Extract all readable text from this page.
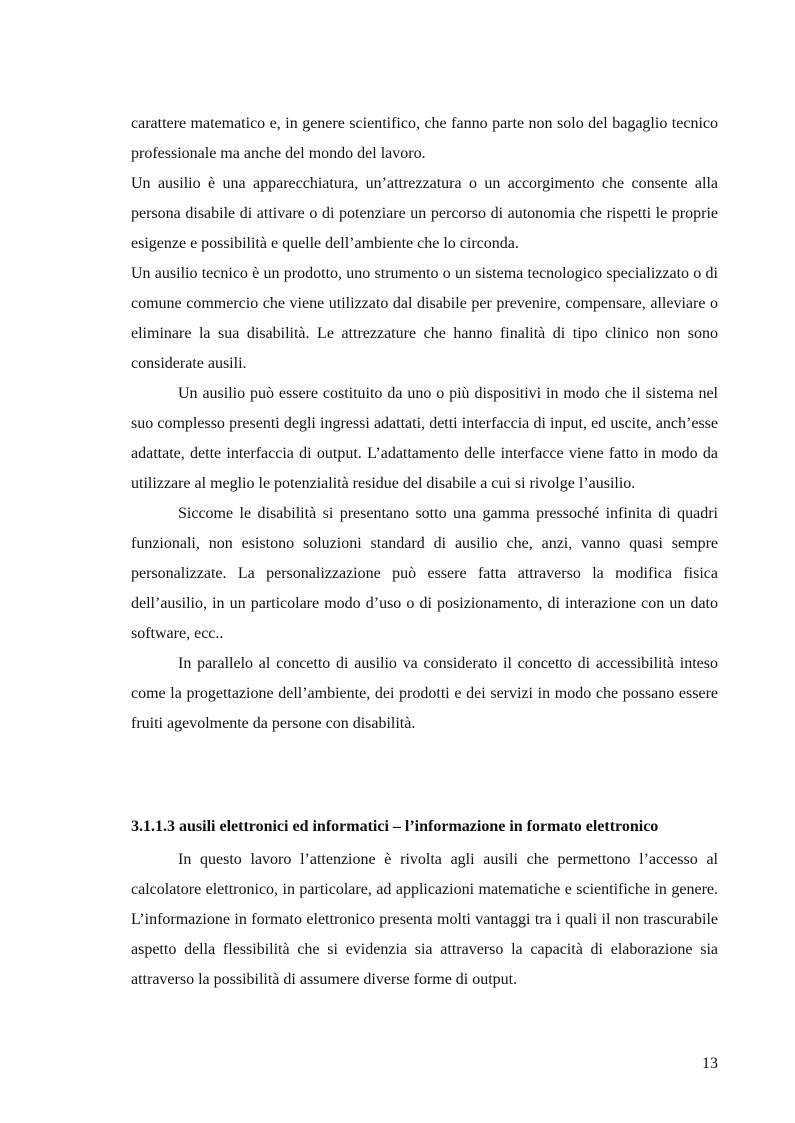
carattere matematico e, in genere scientifico, che fanno parte non solo del bagaglio tecnico professionale ma anche del mondo del lavoro.

Un ausilio è una apparecchiatura, un’attrezzatura o un accorgimento che consente alla persona disabile di attivare o di potenziare un percorso di autonomia che rispetti le proprie esigenze e possibilità e quelle dell’ambiente che lo circonda.

Un ausilio tecnico è un prodotto, uno strumento o un sistema tecnologico specializzato o di comune commercio che viene utilizzato dal disabile per prevenire, compensare, alleviare o eliminare la sua disabilità. Le attrezzature che hanno finalità di tipo clinico non sono considerate ausili.

Un ausilio può essere costituito da uno o più dispositivi in modo che il sistema nel suo complesso presenti degli ingressi adattati, detti interfaccia di input, ed uscite, anch’esse adattate, dette interfaccia di output. L’adattamento delle interfacce viene fatto in modo da utilizzare al meglio le potenzialità residue del disabile a cui si rivolge l’ausilio.

Siccome le disabilità si presentano sotto una gamma pressoché infinita di quadri funzionali, non esistono soluzioni standard di ausilio che, anzi, vanno quasi sempre personalizzate. La personalizzazione può essere fatta attraverso la modifica fisica dell’ausilio, in un particolare modo d’uso o di posizionamento, di interazione con un dato software, ecc..

In parallelo al concetto di ausilio va considerato il concetto di accessibilità inteso come la progettazione dell’ambiente, dei prodotti e dei servizi in modo che possano essere fruiti agevolmente da persone con disabilità.

3.1.1.3 ausili elettronici ed informatici – l’informazione in formato elettronico

In questo lavoro l’attenzione è rivolta agli ausili che permettono l’accesso al calcolatore elettronico, in particolare, ad applicazioni matematiche e scientifiche in genere. L’informazione in formato elettronico presenta molti vantaggi tra i quali il non trascurabile aspetto della flessibilità che si evidenzia sia attraverso la capacità di elaborazione sia attraverso la possibilità di assumere diverse forme di output.

13
